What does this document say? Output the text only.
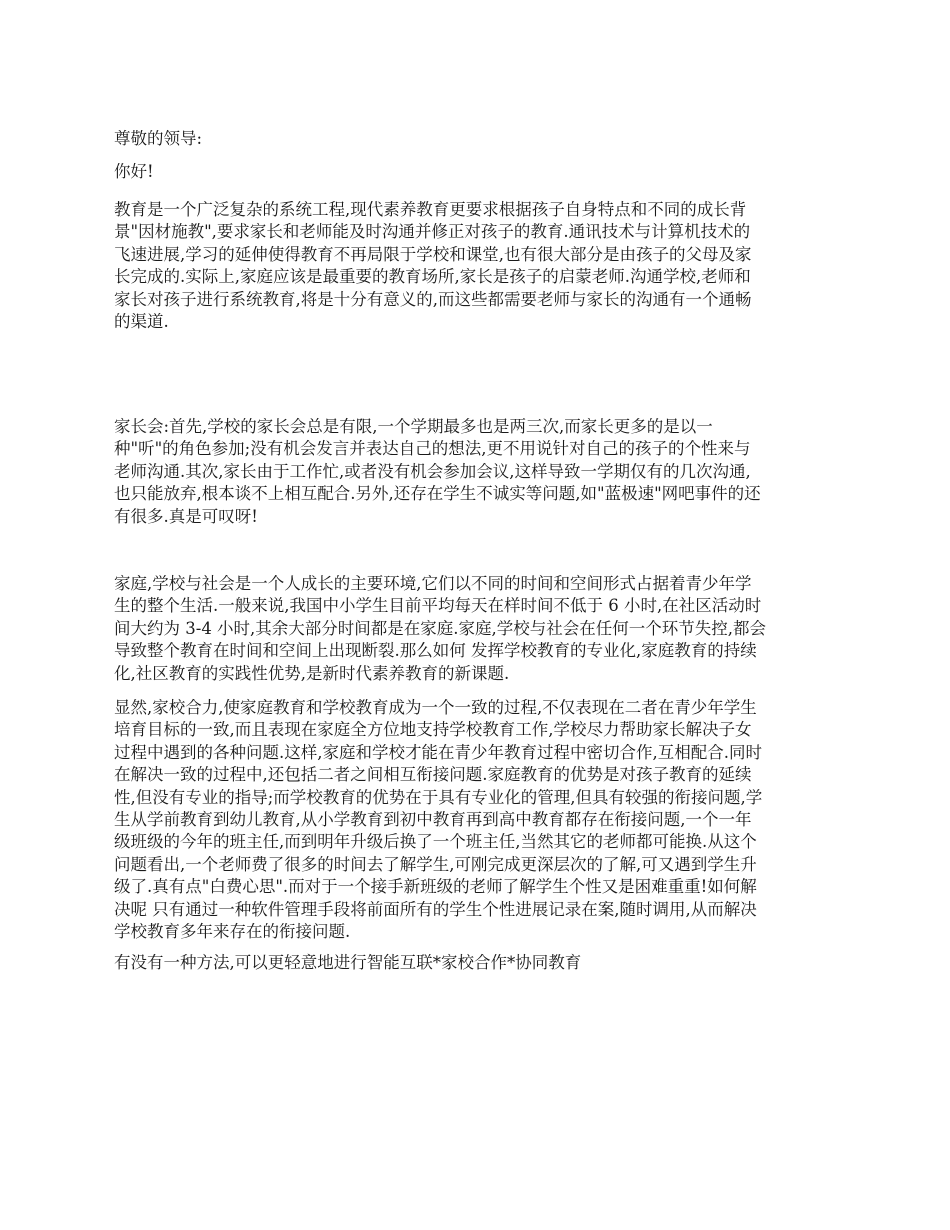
尊敬的领导:

你好!

教育是一个广泛复杂的系统工程,现代素养教育更要求根据孩子自身特点和不同的成长背
景"因材施教",要求家长和老师能及时沟通并修正对孩子的教育.通讯技术与计算机技术的
飞速进展,学习的延伸使得教育不再局限于学校和课堂,也有很大部分是由孩子的父母及家
长完成的.实际上,家庭应该是最重要的教育场所,家长是孩子的启蒙老师.沟通学校,老师和
家长对孩子进行系统教育,将是十分有意义的,而这些都需要老师与家长的沟通有一个通畅
的渠道.

家长会:首先,学校的家长会总是有限,一个学期最多也是两三次,而家长更多的是以一
种"听"的角色参加;没有机会发言并表达自己的想法,更不用说针对自己的孩子的个性来与
老师沟通.其次,家长由于工作忙,或者没有机会参加会议,这样导致一学期仅有的几次沟通,
也只能放弃,根本谈不上相互配合.另外,还存在学生不诚实等问题,如"蓝极速"网吧事件的还
有很多.真是可叹呀!

家庭,学校与社会是一个人成长的主要环境,它们以不同的时间和空间形式占据着青少年学
生的整个生活.一般来说,我国中小学生目前平均每天在样时间不低于 6 小时,在社区活动时
间大约为 3-4 小时,其余大部分时间都是在家庭.家庭,学校与社会在任何一个环节失控,都会
导致整个教育在时间和空间上出现断裂.那么如何 发挥学校教育的专业化,家庭教育的持续
化,社区教育的实践性优势,是新时代素养教育的新课题.

显然,家校合力,使家庭教育和学校教育成为一个一致的过程,不仅表现在二者在青少年学生
培育目标的一致,而且表现在家庭全方位地支持学校教育工作,学校尽力帮助家长解决子女
过程中遇到的各种问题.这样,家庭和学校才能在青少年教育过程中密切合作,互相配合.同时
在解决一致的过程中,还包括二者之间相互衔接问题.家庭教育的优势是对孩子教育的延续
性,但没有专业的指导;而学校教育的优势在于具有专业化的管理,但具有较强的衔接问题,学
生从学前教育到幼儿教育,从小学教育到初中教育再到高中教育都存在衔接问题,一个一年
级班级的今年的班主任,而到明年升级后换了一个班主任,当然其它的老师都可能换.从这个
问题看出,一个老师费了很多的时间去了解学生,可刚完成更深层次的了解,可又遇到学生升
级了.真有点"白费心思".而对于一个接手新班级的老师了解学生个性又是困难重重!如何解
决呢 只有通过一种软件管理手段将前面所有的学生个性进展记录在案,随时调用,从而解决
学校教育多年来存在的衔接问题.

有没有一种方法,可以更轻意地进行智能互联*家校合作*协同教育
